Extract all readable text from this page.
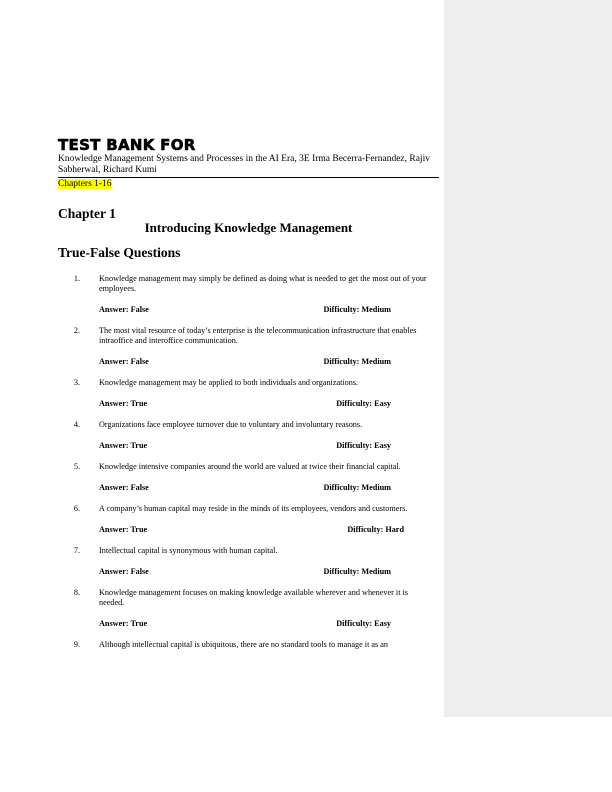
TEST BANK FOR
Knowledge Management Systems and Processes in the AI Era, 3E Irma Becerra-Fernandez, Rajiv Sabherwal, Richard Kumi
Chapters 1-16
Chapter 1
Introducing Knowledge Management
True-False Questions
1. Knowledge management may simply be defined as doing what is needed to get the most out of your employees.
Answer: False	Difficulty: Medium
2. The most vital resource of today’s enterprise is the telecommunication infrastructure that enables intraoffice and interoffice communication.
Answer: False	Difficulty: Medium
3. Knowledge management may be applied to both individuals and organizations.
Answer: True	Difficulty: Easy
4. Organizations face employee turnover due to voluntary and involuntary reasons.
Answer: True	Difficulty: Easy
5. Knowledge intensive companies around the world are valued at twice their financial capital.
Answer: False	Difficulty: Medium
6. A company’s human capital may reside in the minds of its employees, vendors and customers.
Answer: True	Difficulty: Hard
7. Intellectual capital is synonymous with human capital.
Answer: False	Difficulty: Medium
8. Knowledge management focuses on making knowledge available wherever and whenever it is needed.
Answer: True	Difficulty: Easy
9. Although intellectual capital is ubiquitous, there are no standard tools to manage it as an
